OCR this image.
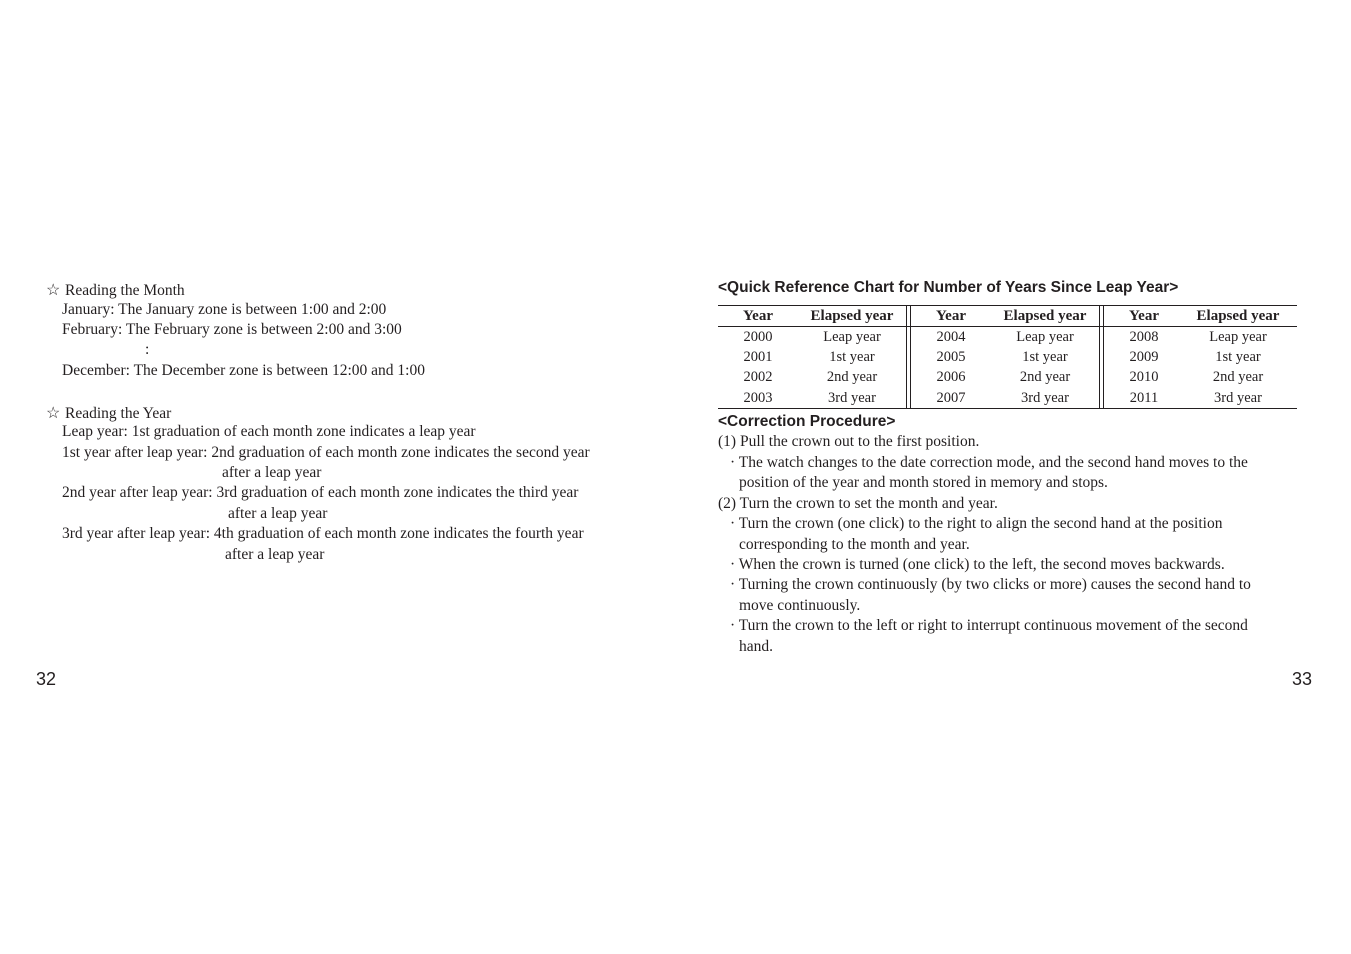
☆ Reading the Month
January: The January zone is between 1:00 and 2:00
February: The February zone is between 2:00 and 3:00
:
December: The December zone is between 12:00 and 1:00
☆ Reading the Year
Leap year: 1st graduation of each month zone indicates a leap year
1st year after leap year: 2nd graduation of each month zone indicates the second year
after a leap year
2nd year after leap year: 3rd graduation of each month zone indicates the third year
after a leap year
3rd year after leap year: 4th graduation of each month zone indicates the fourth year
after a leap year
32
<Quick Reference Chart for Number of Years Since Leap Year>
Year	Elapsed year	Year	Elapsed year	Year	Elapsed year
2000	Leap year	2004	Leap year	2008	Leap year
2001	1st year	2005	1st year	2009	1st year
2002	2nd year	2006	2nd year	2010	2nd year
2003	3rd year	2007	3rd year	2011	3rd year
<Correction Procedure>
(1) Pull the crown out to the first position.
· The watch changes to the date correction mode, and the second hand moves to the
position of the year and month stored in memory and stops.
(2) Turn the crown to set the month and year.
· Turn the crown (one click) to the right to align the second hand at the position
corresponding to the month and year.
· When the crown is turned (one click) to the left, the second moves backwards.
· Turning the crown continuously (by two clicks or more) causes the second hand to
move continuously.
· Turn the crown to the left or right to interrupt continuous movement of the second
hand.
33
